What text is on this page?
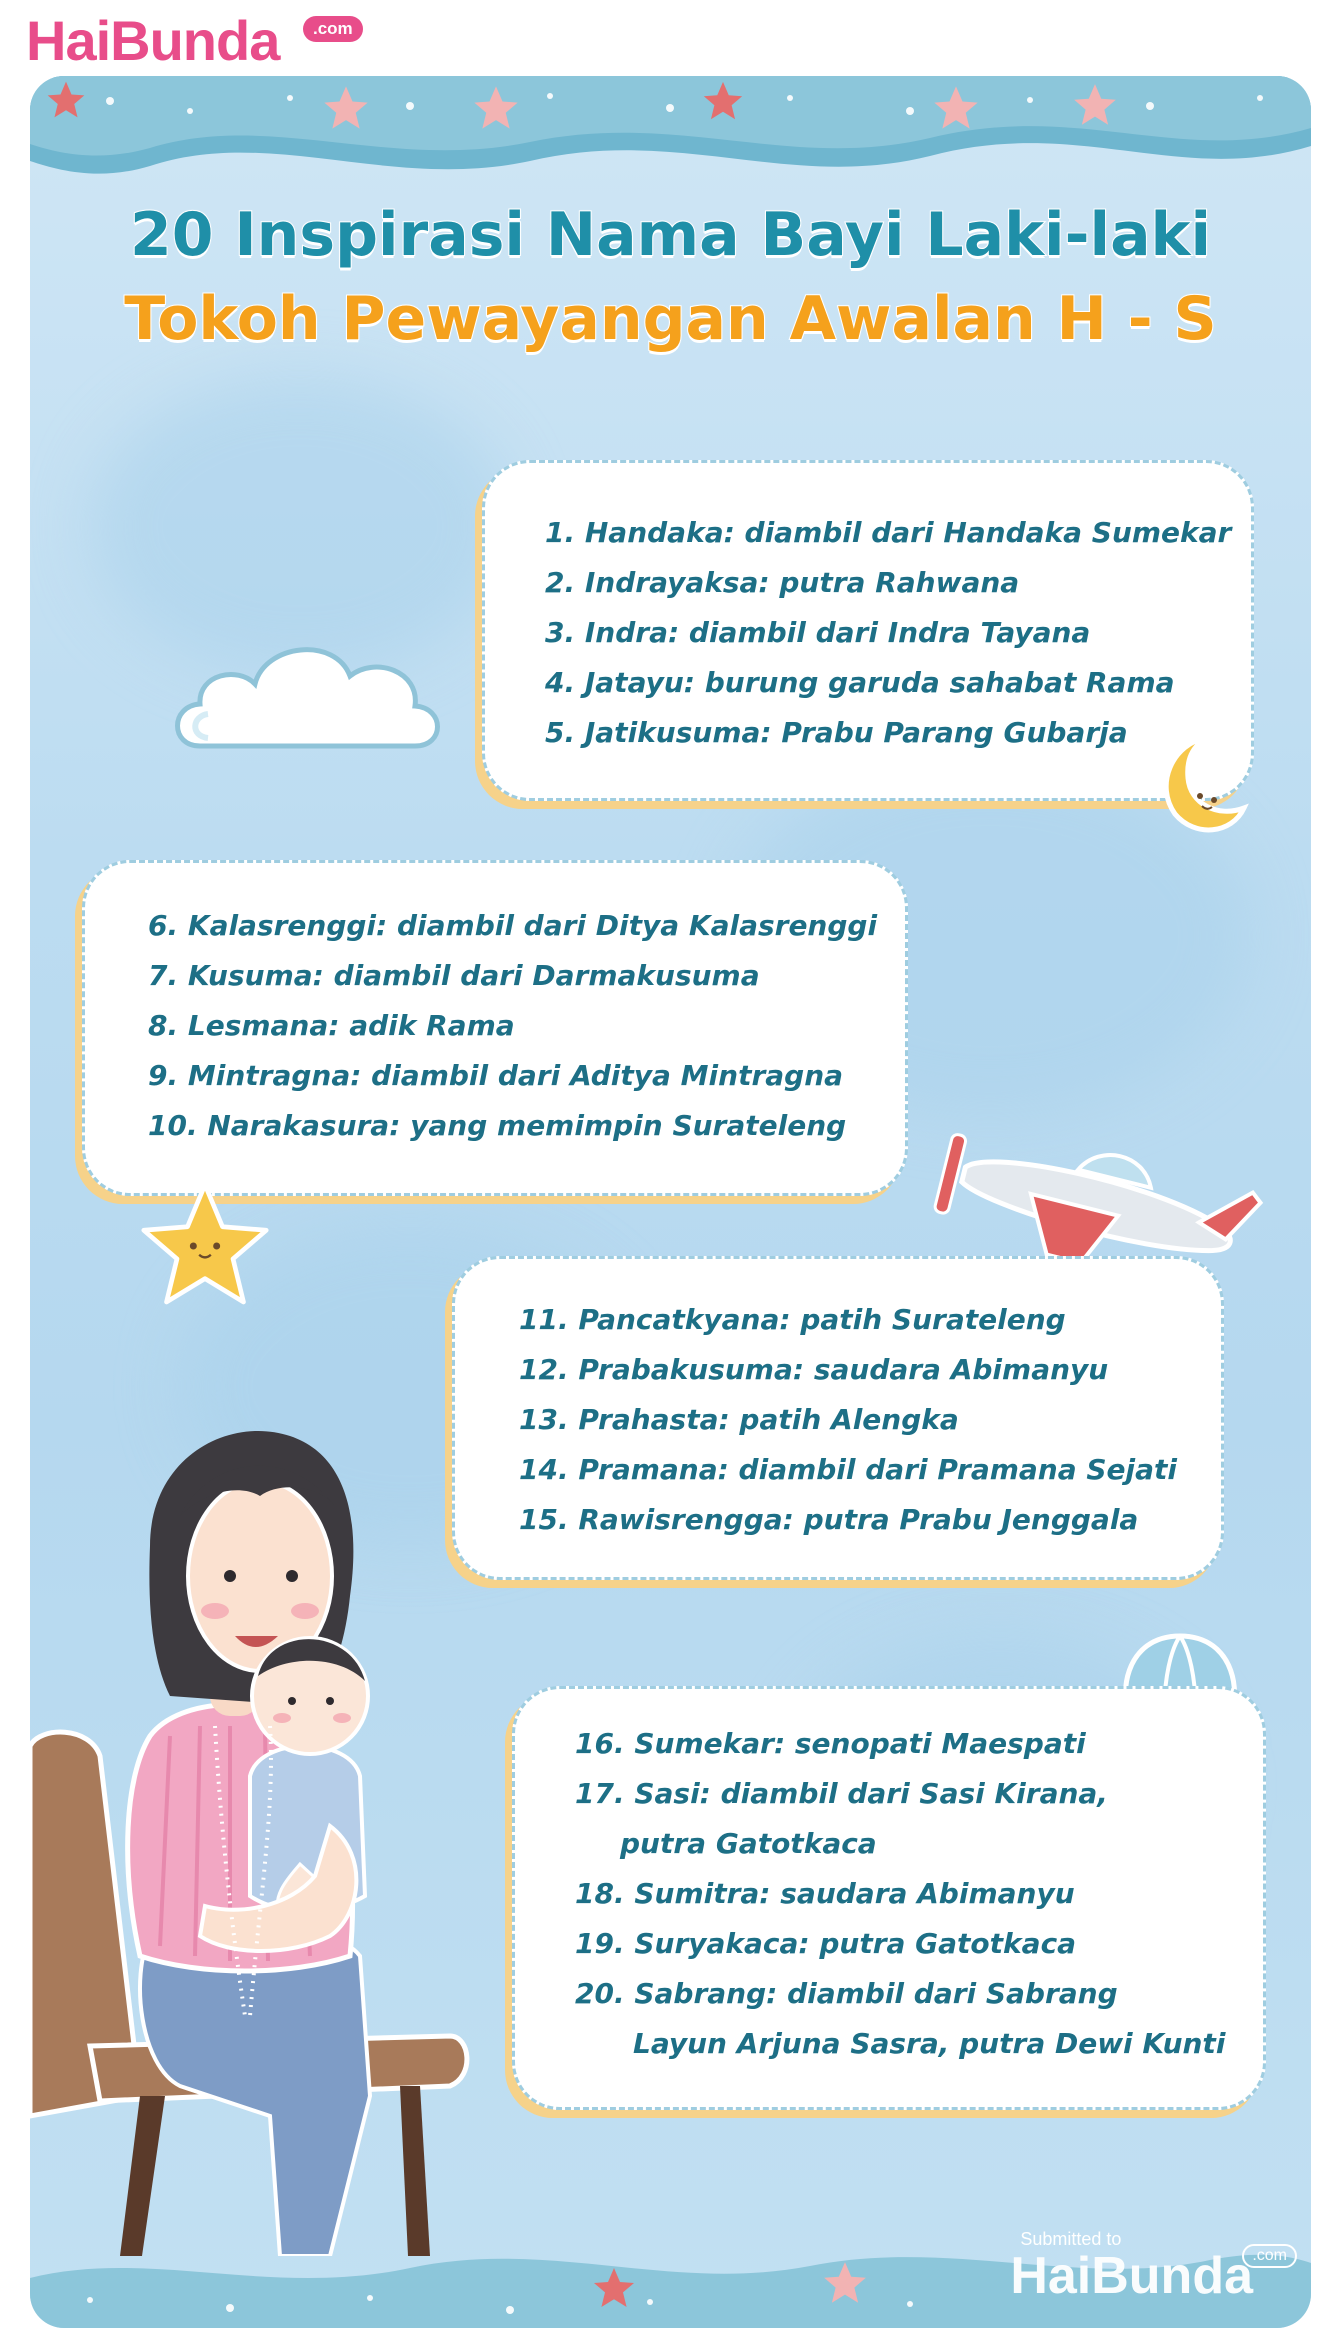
HaiBunda	.com
20 Inspirasi Nama Bayi Laki-laki
Tokoh Pewayangan Awalan H - S
1. Handaka: diambil dari Handaka Sumekar
2. Indrayaksa: putra Rahwana
3. Indra: diambil dari Indra Tayana
4. Jatayu: burung garuda sahabat Rama
5. Jatikusuma: Prabu Parang Gubarja
6. Kalasrenggi: diambil dari Ditya Kalasrenggi
7. Kusuma: diambil dari Darmakusuma
8. Lesmana: adik Rama
9. Mintragna: diambil dari Aditya Mintragna
10. Narakasura: yang memimpin Surateleng
11. Pancatkyana: patih Surateleng
12. Prabakusuma: saudara Abimanyu
13. Prahasta: patih Alengka
14. Pramana: diambil dari Pramana Sejati
15. Rawisrengga: putra Prabu Jenggala
16. Sumekar: senopati Maespati
17. Sasi: diambil dari Sasi Kirana,
putra Gatotkaca
18. Sumitra: saudara Abimanyu
19. Suryakaca: putra Gatotkaca
20. Sabrang: diambil dari Sabrang
Layun Arjuna Sasra, putra Dewi Kunti
Submitted to
HaiBunda .com
